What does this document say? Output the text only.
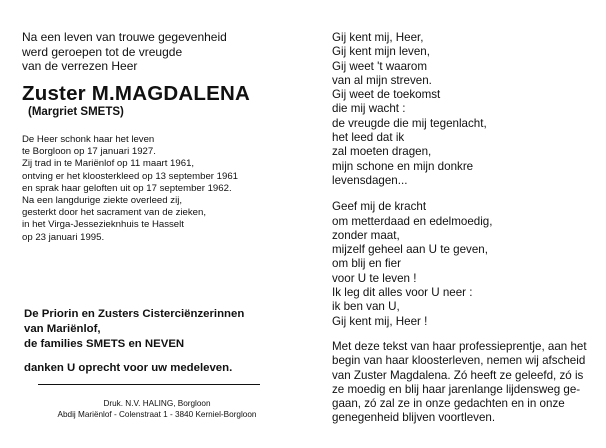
Na een leven van trouwe gegevenheid
werd geroepen tot de vreugde
van de verrezen Heer
Zuster M.MAGDALENA
(Margriet SMETS)
De Heer schonk haar het leven
te Borgloon op 17 januari 1927.
Zij trad in te Mariënlof op 11 maart 1961,
ontving er het kloosterkleed op 13 september 1961
en sprak haar geloften uit op 17 september 1962.
Na een langdurige ziekte overleed zij,
gesterkt door het sacrament van de zieken,
in het Virga-Jessezieknhuis te Hasselt
op 23 januari 1995.
De Priorin en Zusters Cisterciënzerinnen
van Mariënlof,
de families SMETS en NEVEN
danken U oprecht voor uw medeleven.
Druk. N.V. HALING, Borgloon
Abdij Mariënlof - Colenstraat 1 - 3840 Kerniel-Borgloon
Gij kent mij, Heer,
Gij kent mijn leven,
Gij weet 't waarom
van al mijn streven.
Gij weet de toekomst
die mij wacht :
de vreugde die mij tegenlacht,
het leed dat ik
zal moeten dragen,
mijn schone en mijn donkre
levensdagen...
Geef mij de kracht
om metterdaad en edelmoedig,
zonder maat,
mijzelf geheel aan U te geven,
om blij en fier
voor U te leven !
Ik leg dit alles voor U neer :
ik ben van U,
Gij kent mij, Heer !
Met deze tekst van haar professieprentje, aan het
begin van haar kloosterleven, nemen wij afscheid
van Zuster Magdalena. Zó heeft ze geleefd, zó is
ze moedig en blij haar jarenlange lijdensweg ge-
gaan, zó zal ze in onze gedachten en in onze
genegenheid blijven voortleven.
